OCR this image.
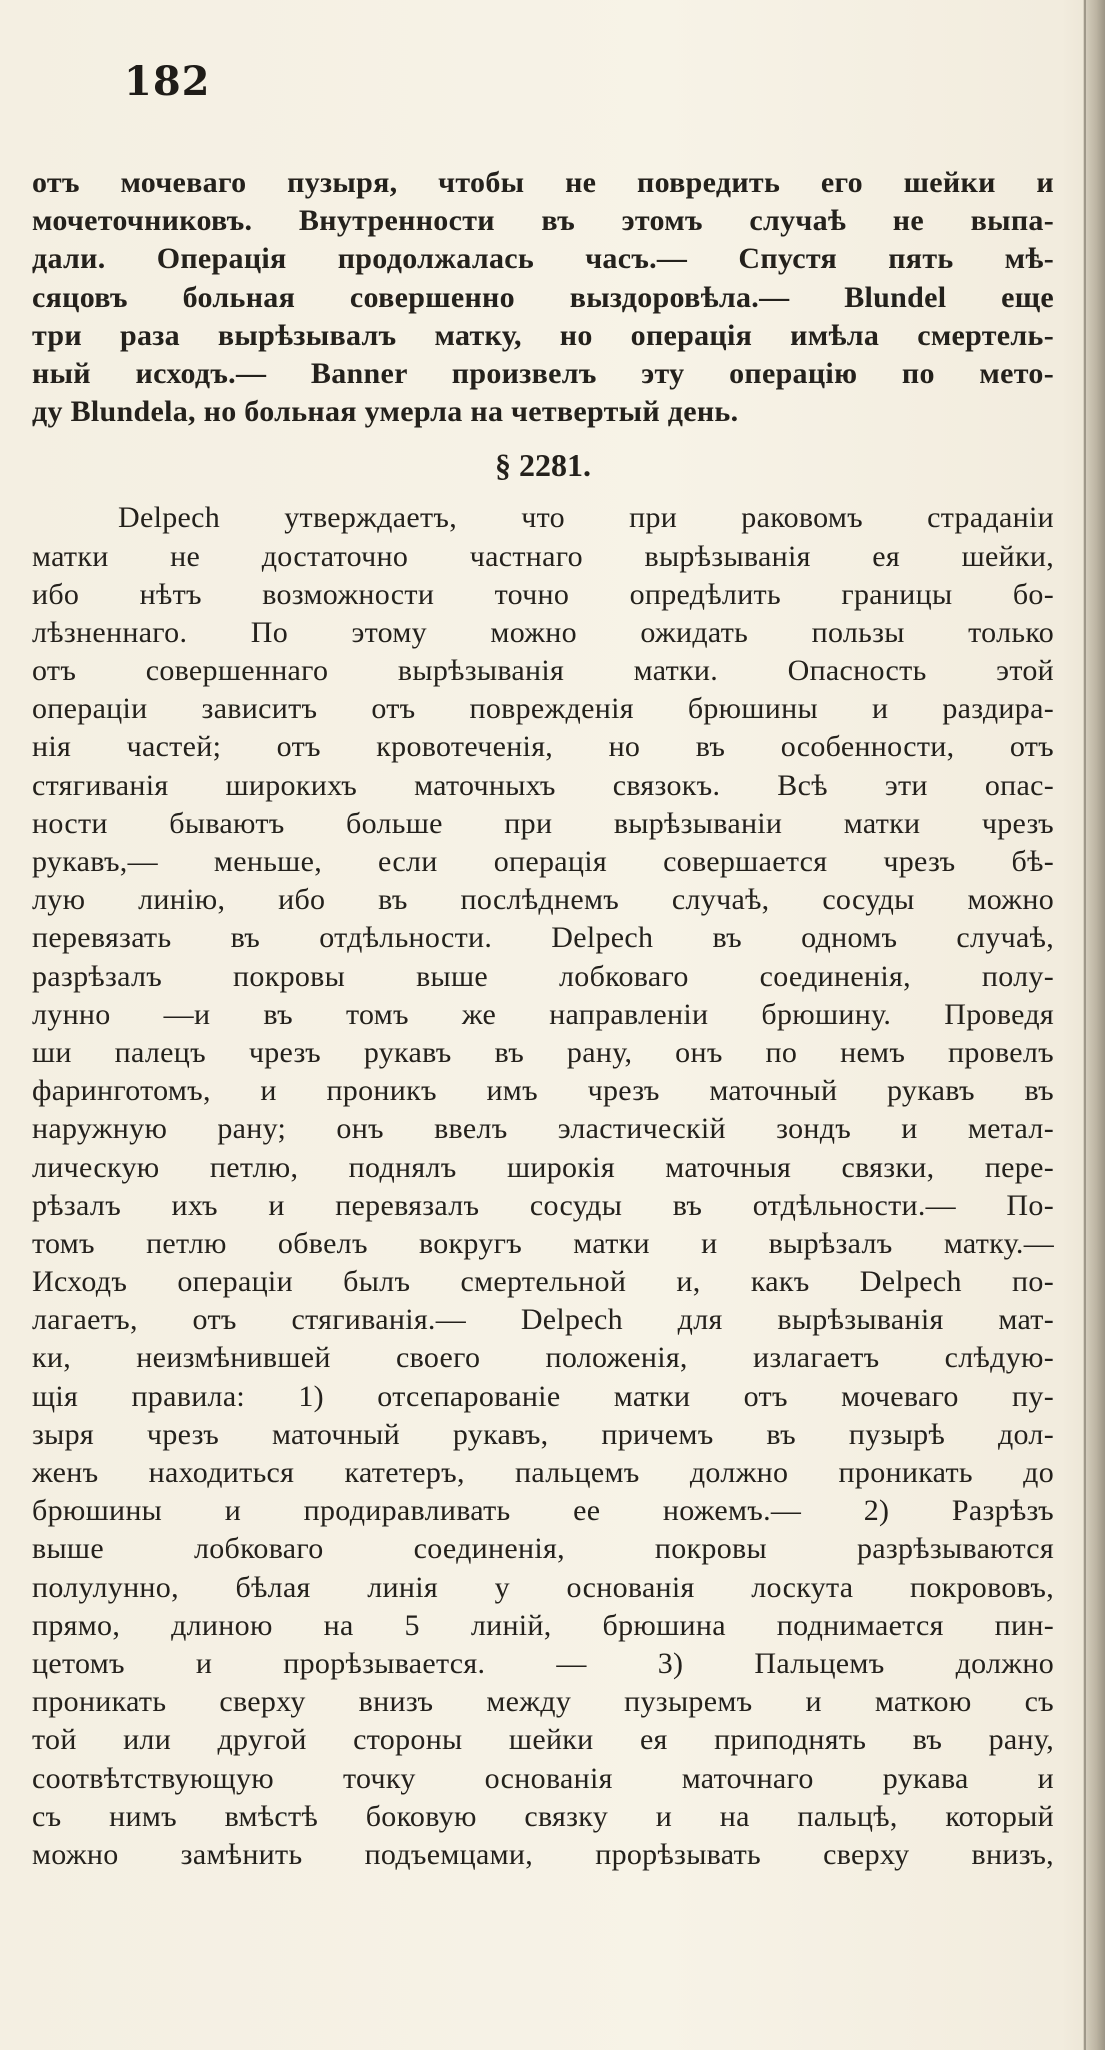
182
отъ мочеваго пузыря, чтобы не повредить его шейки и
мочеточниковъ. Внутренности въ этомъ случаѣ не выпа-
дали. Операція продолжалась часъ.— Спустя пять мѣ-
сяцовъ больная совершенно выздоровѣла.— Blundel еще
три раза вырѣзывалъ матку, но операція имѣла смертель-
ный исходъ.— Banner произвелъ эту операцію по мето-
ду Blundela, но больная умерла на четвертый день.
§ 2281.
Delpech утверждаетъ, что при раковомъ страданіи
матки не достаточно частнаго вырѣзыванія ея шейки,
ибо нѣтъ возможности точно опредѣлить границы бо-
лѣзненнаго. По этому можно ожидать пользы только
отъ совершеннаго вырѣзыванія матки. Опасность этой
операціи зависитъ отъ повреждeнія брюшины и раздира-
нія частей; отъ кровотеченія, но въ особенности, отъ
стягиванія широкихъ маточныхъ связокъ. Всѣ эти опас-
ности бываютъ больше при вырѣзываніи матки чрезъ
рукавъ,— меньше, если операція совершается чрезъ бѣ-
лую линію, ибо въ послѣднемъ случаѣ, сосуды можно
перевязать въ отдѣльности. Delpech въ одномъ случаѣ,
разрѣзалъ покровы выше лобковаго соединенія, полу-
лунно —и въ томъ же направленіи брюшину. Проведя
ши палецъ чрезъ рукавъ въ рану, онъ по немъ провелъ
фаринготомъ, и проникъ имъ чрезъ маточный рукавъ въ
наружную рану; онъ ввелъ эластическій зондъ и метал-
лическую петлю, поднялъ широкія маточныя связки, пере-
рѣзалъ ихъ и перевязалъ сосуды въ отдѣльности.— По-
томъ петлю обвелъ вокругъ матки и вырѣзалъ матку.—
Исходъ операціи былъ смертельной и, какъ Delpech по-
лагаетъ, отъ стягиванія.— Delpech для вырѣзыванія мат-
ки, неизмѣнившей своего положенія, излагаетъ слѣдую-
щія правила: 1) отсепарованіе матки отъ мочеваго пу-
зыря чрезъ маточный рукавъ, причемъ въ пузырѣ дол-
женъ находиться катетеръ, пальцемъ должно проникать до
брюшины и продиравливать ее ножемъ.— 2) Разрѣзъ
выше лобковаго соединенія, покровы разрѣзываются
полулунно, бѣлая линія у основанія лоскута покрововъ,
прямо, длиною на 5 линій, брюшина поднимается пин-
цетомъ и прорѣзывается. — 3) Пальцемъ должно
проникать сверху внизъ между пузыремъ и маткою съ
той или другой стороны шейки ея приподнять въ рану,
соотвѣтствующую точку основанія маточнаго рукава и
съ нимъ вмѣстѣ боковую связку и на пальцѣ, который
можно замѣнить подъемцами, прорѣзывать сверху внизъ,
